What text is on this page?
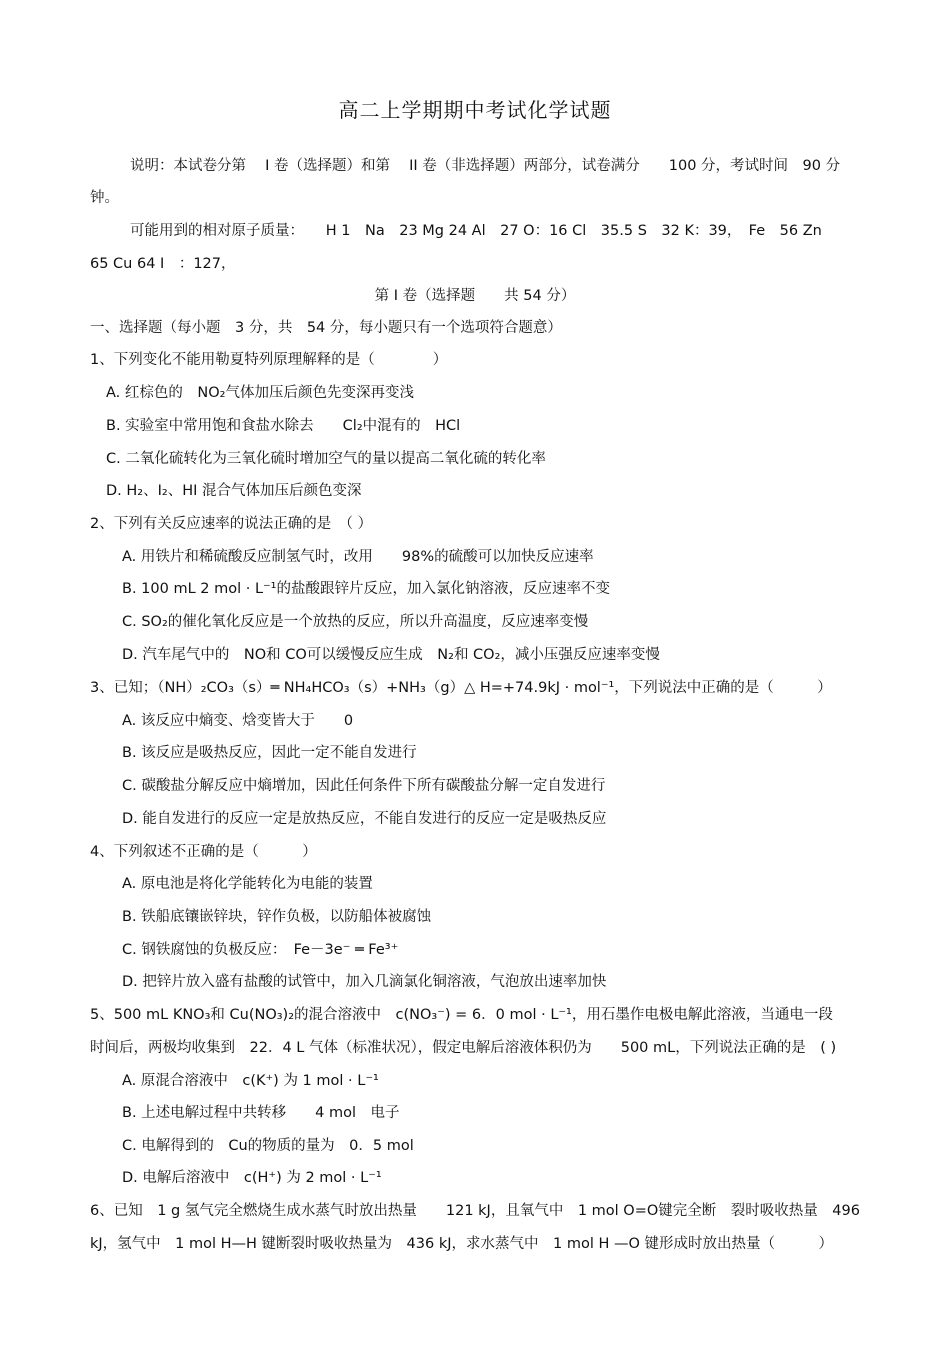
高二上学期期中考试化学试题
说明：本试卷分第　 I 卷（选择题）和第　 II 卷（非选择题）两部分，试卷满分　　100 分，考试时间　90 分
钟。
可能用到的相对原子质量：　　H 1　Na　23 Mg 24 Al　27 O：16 Cl　35.5 S　32 K：39，　Fe　56 Zn
65 Cu 64 I　：127，
第 I 卷（选择题　　共 54 分）
一、选择题（每小题　3 分，共　54 分，每小题只有一个选项符合题意）
1、下列变化不能用勒夏特列原理解释的是（　　　　）
A. 红棕色的　NO₂气体加压后颜色先变深再变浅
B. 实验室中常用饱和食盐水除去　　Cl₂中混有的　HCl
C. 二氧化硫转化为三氧化硫时增加空气的量以提高二氧化硫的转化率
D. H₂、I₂、HI 混合气体加压后颜色变深
2、下列有关反应速率的说法正确的是　（ ）
A. 用铁片和稀硫酸反应制氢气时，改用　　98%的硫酸可以加快反应速率
B. 100 mL 2 mol · L⁻¹的盐酸跟锌片反应，加入氯化钠溶液，反应速率不变
C. SO₂的催化氧化反应是一个放热的反应，所以升高温度，反应速率变慢
D. 汽车尾气中的　NO和 CO可以缓慢反应生成　N₂和 CO₂，减小压强反应速率变慢
3、已知；（NH）₂CO₃（s）═ NH₄HCO₃（s）+NH₃（g）△ H=+74.9kJ · mol⁻¹，下列说法中正确的是（　　　）
A. 该反应中熵变、焓变皆大于　　0
B. 该反应是吸热反应，因此一定不能自发进行
C. 碳酸盐分解反应中熵增加，因此任何条件下所有碳酸盐分解一定自发进行
D. 能自发进行的反应一定是放热反应，不能自发进行的反应一定是吸热反应
4、下列叙述不正确的是（　　　）
A. 原电池是将化学能转化为电能的装置
B. 铁船底镶嵌锌块，锌作负极，以防船体被腐蚀
C. 钢铁腐蚀的负极反应：　Fe－3e⁻ ═ Fe³⁺
D. 把锌片放入盛有盐酸的试管中，加入几滴氯化铜溶液，气泡放出速率加快
5、500 mL KNO₃和 Cu(NO₃)₂的混合溶液中　c(NO₃⁻) = 6．0 mol · L⁻¹，用石墨作电极电解此溶液，当通电一段
时间后，两极均收集到　22．4 L 气体（标准状况），假定电解后溶液体积仍为　　500 mL，下列说法正确的是　( )
A. 原混合溶液中　c(K⁺) 为 1 mol · L⁻¹
B. 上述电解过程中共转移　　4 mol　电子
C. 电解得到的　Cu的物质的量为　0．5 mol
D. 电解后溶液中　c(H⁺) 为 2 mol · L⁻¹
6、已知　1 g 氢气完全燃烧生成水蒸气时放出热量　　121 kJ，且氧气中　1 mol O=O键完全断　裂时吸收热量　496
kJ，氢气中　1 mol H—H 键断裂时吸收热量为　436 kJ，求水蒸气中　1 mol H —O 键形成时放出热量（　　　）
